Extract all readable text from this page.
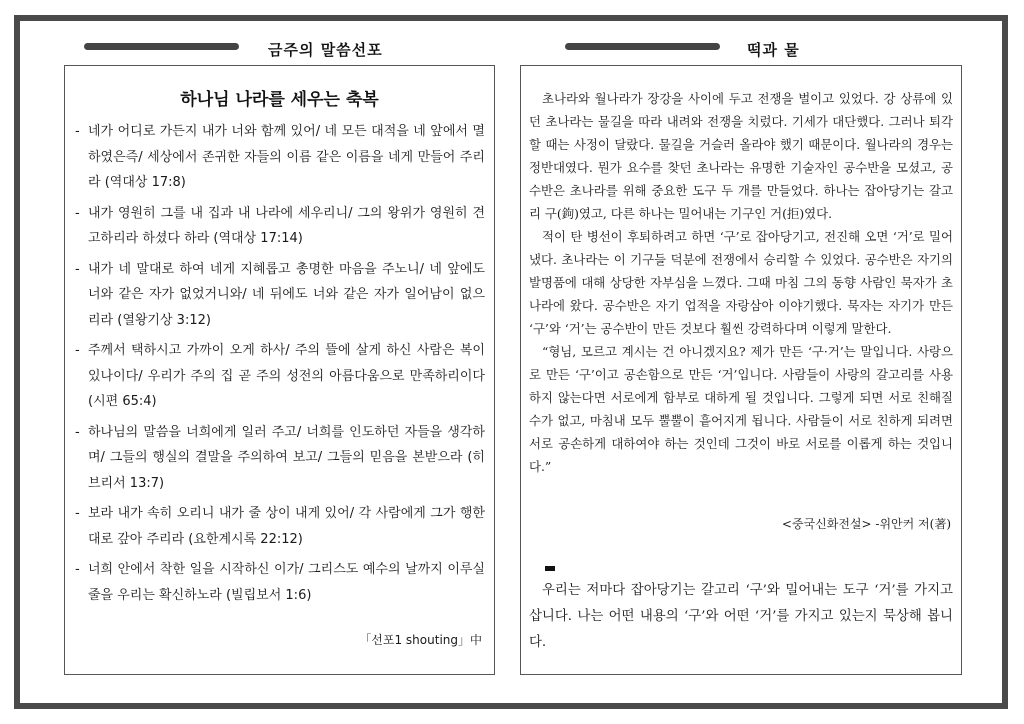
금주의 말씀선포	떡과 물
하나님 나라를 세우는 축복
- 네가 어디로 가든지 내가 너와 함께 있어/ 네 모든 대적을 네 앞에서 멸하였은즉/ 세상에서 존귀한 자들의 이름 같은 이름을 네게 만들어 주리라 (역대상 17:8)
- 내가 영원히 그를 내 집과 내 나라에 세우리니/ 그의 왕위가 영원히 견고하리라 하셨다 하라 (역대상 17:14)
- 내가 네 말대로 하여 네게 지혜롭고 총명한 마음을 주노니/ 네 앞에도 너와 같은 자가 없었거니와/ 네 뒤에도 너와 같은 자가 일어남이 없으리라 (열왕기상 3:12)
- 주께서 택하시고 가까이 오게 하사/ 주의 뜰에 살게 하신 사람은 복이 있나이다/ 우리가 주의 집 곧 주의 성전의 아름다움으로 만족하리이다 (시편 65:4)
- 하나님의 말씀을 너희에게 일러 주고/ 너희를 인도하던 자들을 생각하며/ 그들의 행실의 결말을 주의하여 보고/ 그들의 믿음을 본받으라 (히브리서 13:7)
- 보라 내가 속히 오리니 내가 줄 상이 내게 있어/ 각 사람에게 그가 행한 대로 갚아 주리라 (요한계시록 22:12)
- 너희 안에서 착한 일을 시작하신 이가/ 그리스도 예수의 날까지 이루실 줄을 우리는 확신하노라 (빌립보서 1:6)
「선포1 shouting」中

초나라와 월나라가 장강을 사이에 두고 전쟁을 벌이고 있었다. 강 상류에 있던 초나라는 물길을 따라 내려와 전쟁을 치렀다. 기세가 대단했다. 그러나 퇴각할 때는 사정이 달랐다. 물길을 거슬러 올라야 했기 때문이다. 월나라의 경우는 정반대였다. 뭔가 요수를 찾던 초나라는 유명한 기술자인 공수반을 모셨고, 공수반은 초나라를 위해 중요한 도구 두 개를 만들었다. 하나는 잡아당기는 갈고리 구(鉤)였고, 다른 하나는 밀어내는 기구인 거(拒)였다.

적이 탄 병선이 후퇴하려고 하면 ‘구’로 잡아당기고, 전진해 오면 ‘거’로 밀어냈다. 초나라는 이 기구들 덕분에 전쟁에서 승리할 수 있었다. 공수반은 자기의 발명품에 대해 상당한 자부심을 느꼈다. 그때 마침 그의 동향 사람인 묵자가 초나라에 왔다. 공수반은 자기 업적을 자랑삼아 이야기했다. 묵자는 자기가 만든 ‘구’와 ‘거’는 공수반이 만든 것보다 훨씬 강력하다며 이렇게 말한다.

“형님, 모르고 계시는 건 아니겠지요? 제가 만든 ‘구·거’는 말입니다. 사랑으로 만든 ‘구’이고 공손함으로 만든 ‘거’입니다. 사람들이 사랑의 갈고리를 사용하지 않는다면 서로에게 함부로 대하게 될 것입니다. 그렇게 되면 서로 친해질 수가 없고, 마침내 모두 뿔뿔이 흩어지게 됩니다. 사람들이 서로 친하게 되려면 서로 공손하게 대하여야 하는 것인데 그것이 바로 서로를 이롭게 하는 것입니다.”

<중국신화전설> -위안커 저(著)

우리는 저마다 잡아당기는 갈고리 ‘구’와 밀어내는 도구 ‘거’를 가지고 삽니다. 나는 어떤 내용의 ‘구’와 어떤 ‘거’를 가지고 있는지 묵상해 봅니다.
